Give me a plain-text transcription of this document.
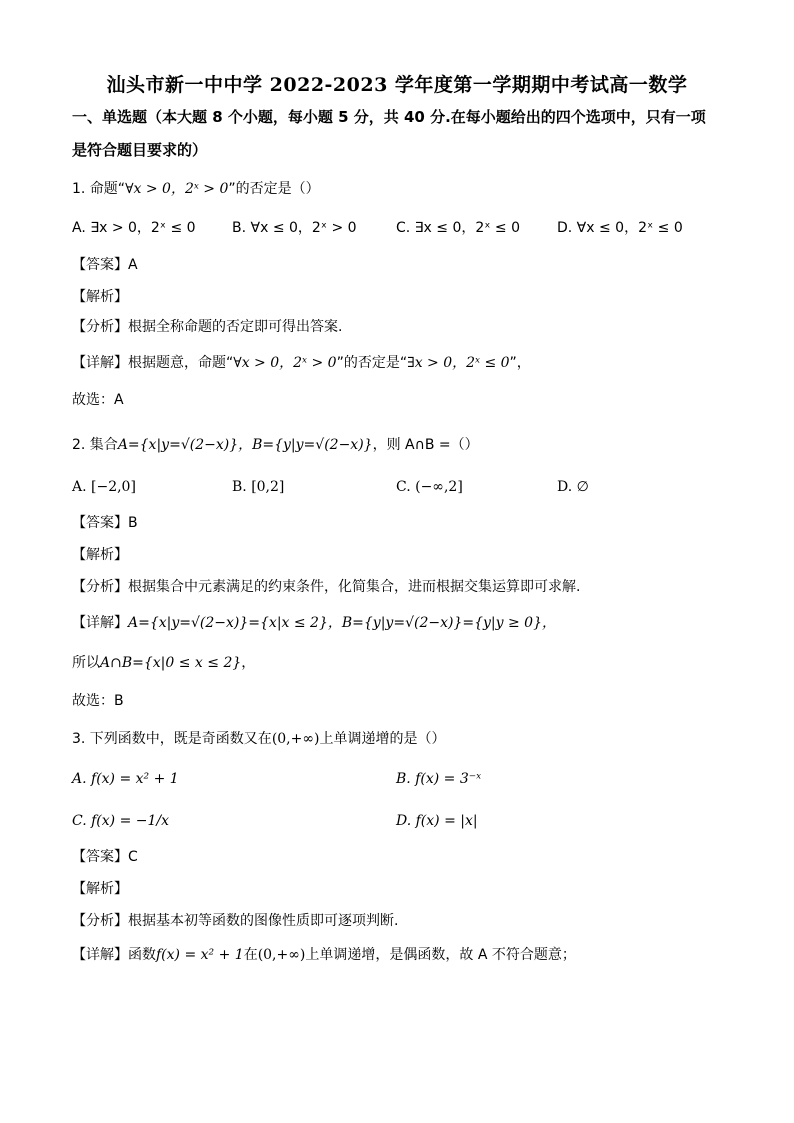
汕头市新一中中学 2022-2023 学年度第一学期期中考试高一数学
一、单选题（本大题 8 个小题，每小题 5 分，共 40 分.在每小题给出的四个选项中，只有一项
是符合题目要求的）
1. 命题“∀x > 0，2ˣ > 0”的否定是（）
A. ∃x > 0，2ˣ ≤ 0	B. ∀x ≤ 0，2ˣ > 0	C. ∃x ≤ 0，2ˣ ≤ 0	D. ∀x ≤ 0，2ˣ ≤ 0
【答案】A
【解析】
【分析】根据全称命题的否定即可得出答案.
【详解】根据题意，命题“∀x > 0，2ˣ > 0”的否定是“∃x > 0，2ˣ ≤ 0”，
故选：A
2. 集合A={x|y=√(2−x)}，B={y|y=√(2−x)}，则 A∩B =（）
A. [−2,0]	B. [0,2]	C. (−∞,2]	D. ∅
【答案】B
【解析】
【分析】根据集合中元素满足的约束条件，化简集合，进而根据交集运算即可求解.
【详解】A={x|y=√(2−x)}={x|x ≤ 2}，B={y|y=√(2−x)}={y|y ≥ 0}，
所以A∩B={x|0 ≤ x ≤ 2}，
故选：B
3. 下列函数中，既是奇函数又在(0,+∞)上单调递增的是（）
A. f(x) = x² + 1	B. f(x) = 3⁻ˣ
C. f(x) = −1/x	D. f(x) = |x|
【答案】C
【解析】
【分析】根据基本初等函数的图像性质即可逐项判断.
【详解】函数f(x) = x² + 1在(0,+∞)上单调递增，是偶函数，故 A 不符合题意；
